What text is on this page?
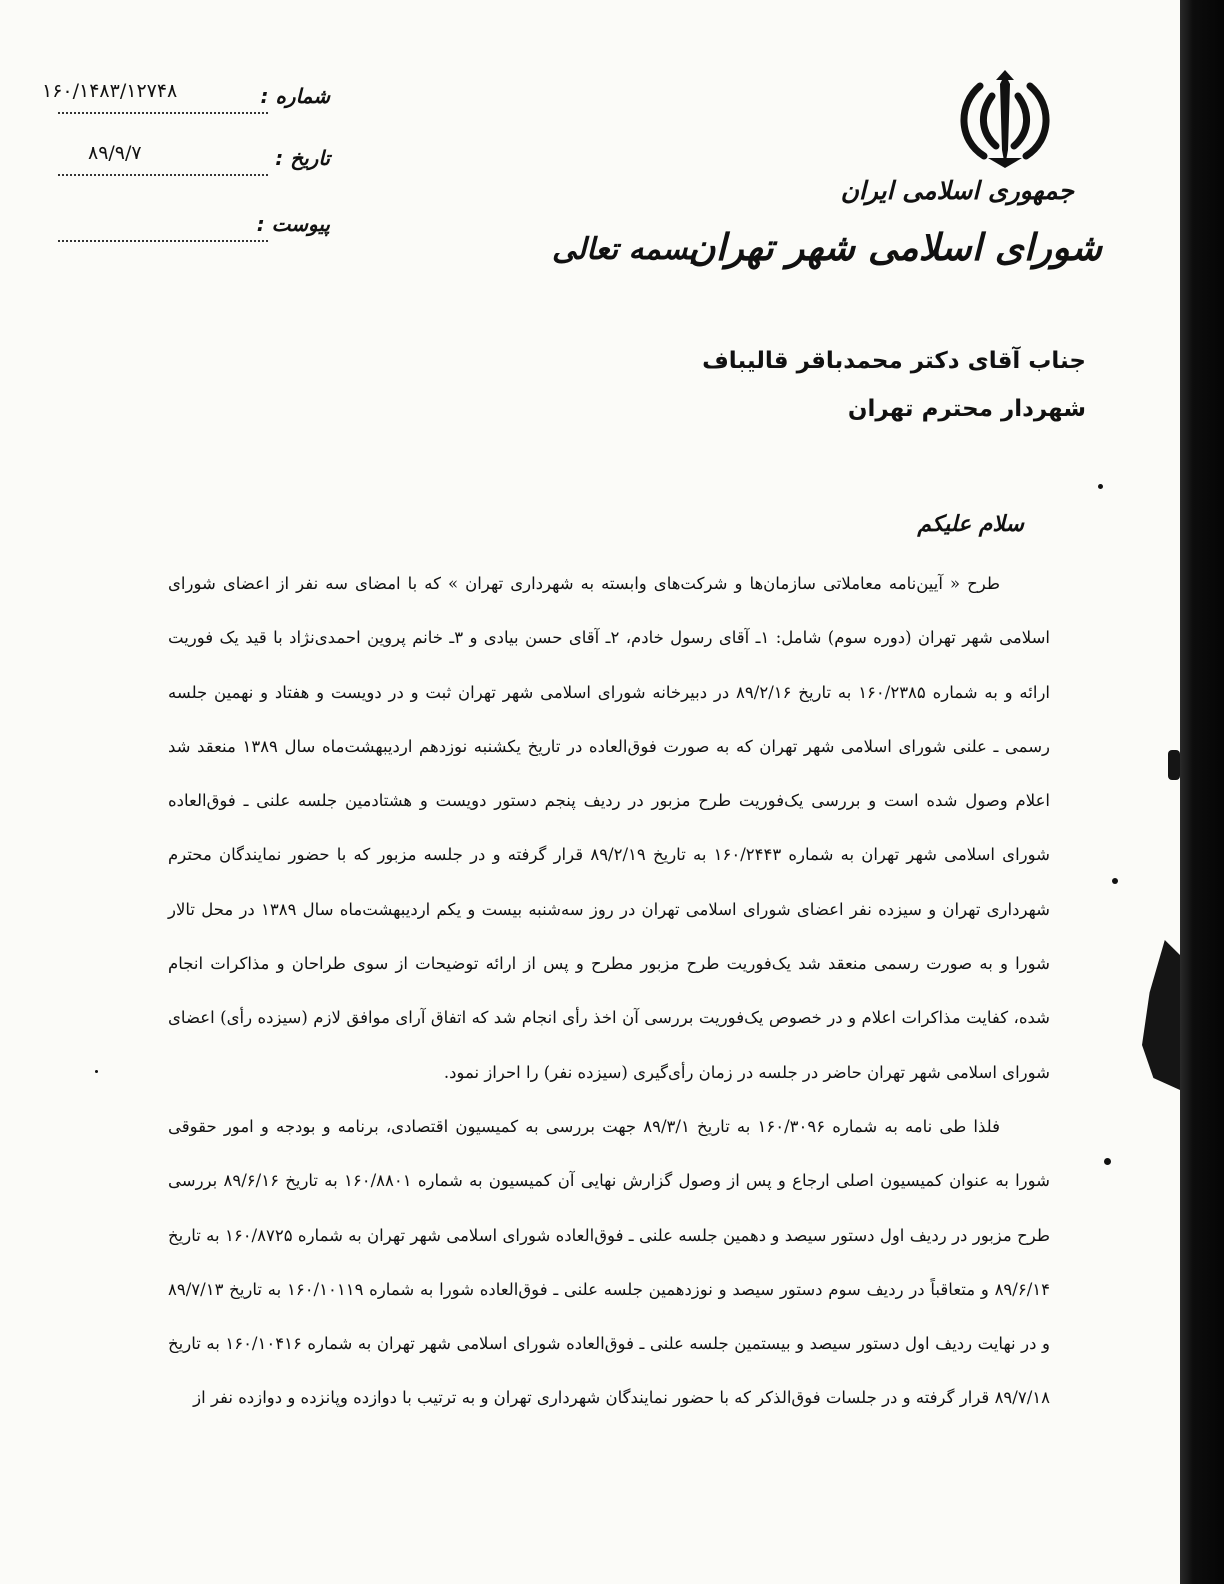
شماره :
۱۶۰/۱۴۸۳/۱۲۷۴۸
تاریخ :
۸۹/۹/۷
پیوست :
جمهوری اسلامی ایران
شورای اسلامی شهر تهران
بسمه تعالی
جناب آقای دکتر محمدباقر قالیباف
شهردار محترم تهران
سلام علیکم

طرح « آیین‌نامه معاملاتی سازمان‌ها و شرکت‌های وابسته به شهرداری تهران » که با امضای سه نفر از اعضای شورای اسلامی شهر تهران (دوره سوم) شامل: ۱ـ آقای رسول خادم، ۲ـ آقای حسن بیادی و ۳ـ خانم پروین احمدی‌نژاد با قید یک فوریت ارائه و به شماره ۱۶۰/۲۳۸۵ به تاریخ ۸۹/۲/۱۶ در دبیرخانه شورای اسلامی شهر تهران ثبت و در دویست و هفتاد و نهمین جلسه رسمی ـ علنی شورای اسلامی شهر تهران که به صورت فوق‌العاده در تاریخ یکشنبه نوزدهم اردیبهشت‌ماه سال ۱۳۸۹ منعقد شد اعلام وصول شده است و بررسی یک‌فوریت طرح مزبور در ردیف پنجم دستور دویست و هشتادمین جلسه علنی ـ فوق‌العاده شورای اسلامی شهر تهران به شماره ۱۶۰/۲۴۴۳ به تاریخ ۸۹/۲/۱۹ قرار گرفته و در جلسه مزبور که با حضور نمایندگان محترم شهرداری تهران و سیزده نفر اعضای شورای اسلامی تهران در روز سه‌شنبه بیست و یکم اردیبهشت‌ماه سال ۱۳۸۹ در محل تالار شورا و به صورت رسمی منعقد شد یک‌فوریت طرح مزبور مطرح و پس از ارائه توضیحات از سوی طراحان و مذاکرات انجام شده، کفایت مذاکرات اعلام و در خصوص یک‌فوریت بررسی آن اخذ رأی انجام شد که اتفاق آرای موافق لازم (سیزده رأی) اعضای شورای اسلامی شهر تهران حاضر در جلسه در زمان رأی‌گیری (سیزده نفر) را احراز نمود.

فلذا طی نامه به شماره ۱۶۰/۳۰۹۶ به تاریخ ۸۹/۳/۱ جهت بررسی به کمیسیون اقتصادی، برنامه و بودجه و امور حقوقی شورا به عنوان کمیسیون اصلی ارجاع و پس از وصول گزارش نهایی آن کمیسیون به شماره ۱۶۰/۸۸۰۱ به تاریخ ۸۹/۶/۱۶ بررسی طرح مزبور در ردیف اول دستور سیصد و دهمین جلسه علنی ـ فوق‌العاده شورای اسلامی شهر تهران به شماره ۱۶۰/۸۷۲۵ به تاریخ ۸۹/۶/۱۴ و متعاقباً در ردیف سوم دستور سیصد و نوزدهمین جلسه علنی ـ فوق‌العاده شورا به شماره ۱۶۰/۱۰۱۱۹ به تاریخ ۸۹/۷/۱۳ و در نهایت ردیف اول دستور سیصد و بیستمین جلسه علنی ـ فوق‌العاده شورای اسلامی شهر تهران به شماره ۱۶۰/۱۰۴۱۶ به تاریخ ۸۹/۷/۱۸ قرار گرفته و در جلسات فوق‌الذکر که با حضور نمایندگان شهرداری تهران و به ترتیب با دوازده وپانزده و دوازده نفر از
